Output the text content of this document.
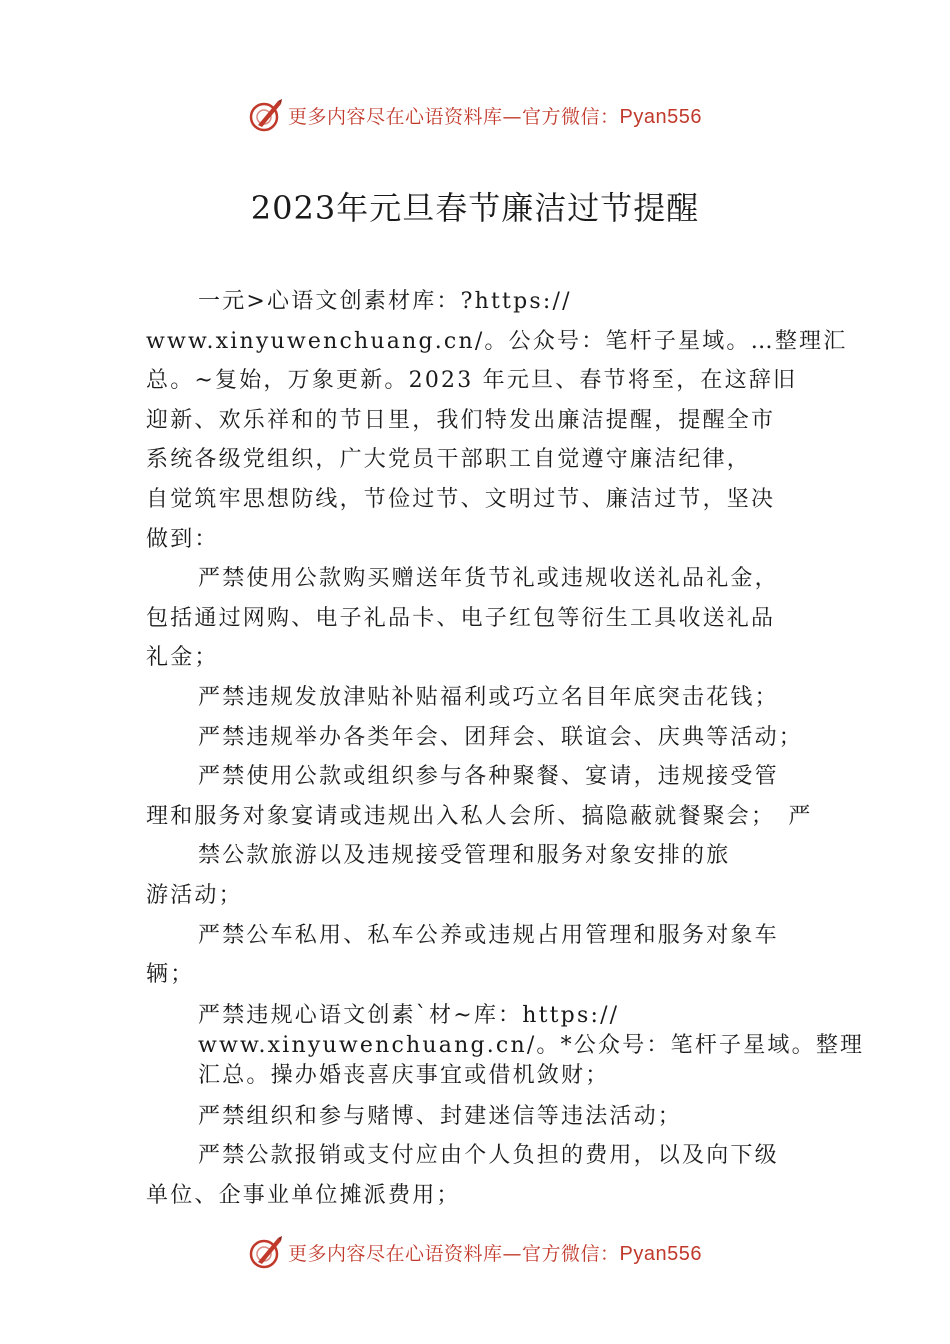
更多内容尽在心语资料库—官方微信：Pyan556
2023年元旦春节廉洁过节提醒

一元>心语文创素材库：?https://

www.xinyuwenchuang.cn/。公众号：笔杆子星域。…整理汇

总。~复始，万象更新。2023 年元旦、春节将至，在这辞旧

迎新、欢乐祥和的节日里，我们特发出廉洁提醒，提醒全市

系统各级党组织，广大党员干部职工自觉遵守廉洁纪律，

自觉筑牢思想防线，节俭过节、文明过节、廉洁过节，坚决

做到：

严禁使用公款购买赠送年货节礼或违规收送礼品礼金，

包括通过网购、电子礼品卡、电子红包等衍生工具收送礼品

礼金；

严禁违规发放津贴补贴福利或巧立名目年底突击花钱；

严禁违规举办各类年会、团拜会、联谊会、庆典等活动；

严禁使用公款或组织参与各种聚餐、宴请，违规接受管

理和服务对象宴请或违规出入私人会所、搞隐蔽就餐聚会；　严

禁公款旅游以及违规接受管理和服务对象安排的旅

游活动；

严禁公车私用、私车公养或违规占用管理和服务对象车

辆；

严禁违规心语文创素`材~库：https://

www.xinyuwenchuang.cn/。*公众号：笔杆子星域。整理

汇总。操办婚丧喜庆事宜或借机敛财；

严禁组织和参与赌博、封建迷信等违法活动；

严禁公款报销或支付应由个人负担的费用，以及向下级

单位、企事业单位摊派费用；

更多内容尽在心语资料库—官方微信：Pyan556
